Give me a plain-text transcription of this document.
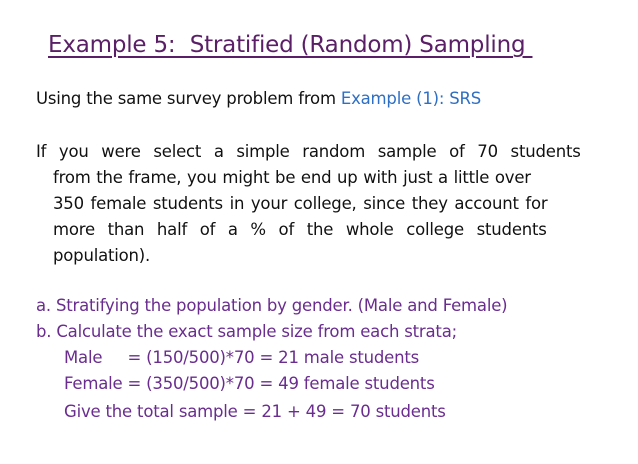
Example 5:  Stratified (Random) Sampling
Using the same survey problem from Example (1): SRS
If you were select a simple random sample of 70 students
from the frame, you might be end up with just a little over
350 female students in your college, since they account for
more than half of a % of the whole college students
population).
a. Stratifying the population by gender. (Male and Female)
b. Calculate the exact sample size from each strata;
Male     = (150/500)*70 = 21 male students
Female = (350/500)*70 = 49 female students
Give the total sample = 21 + 49 = 70 students
